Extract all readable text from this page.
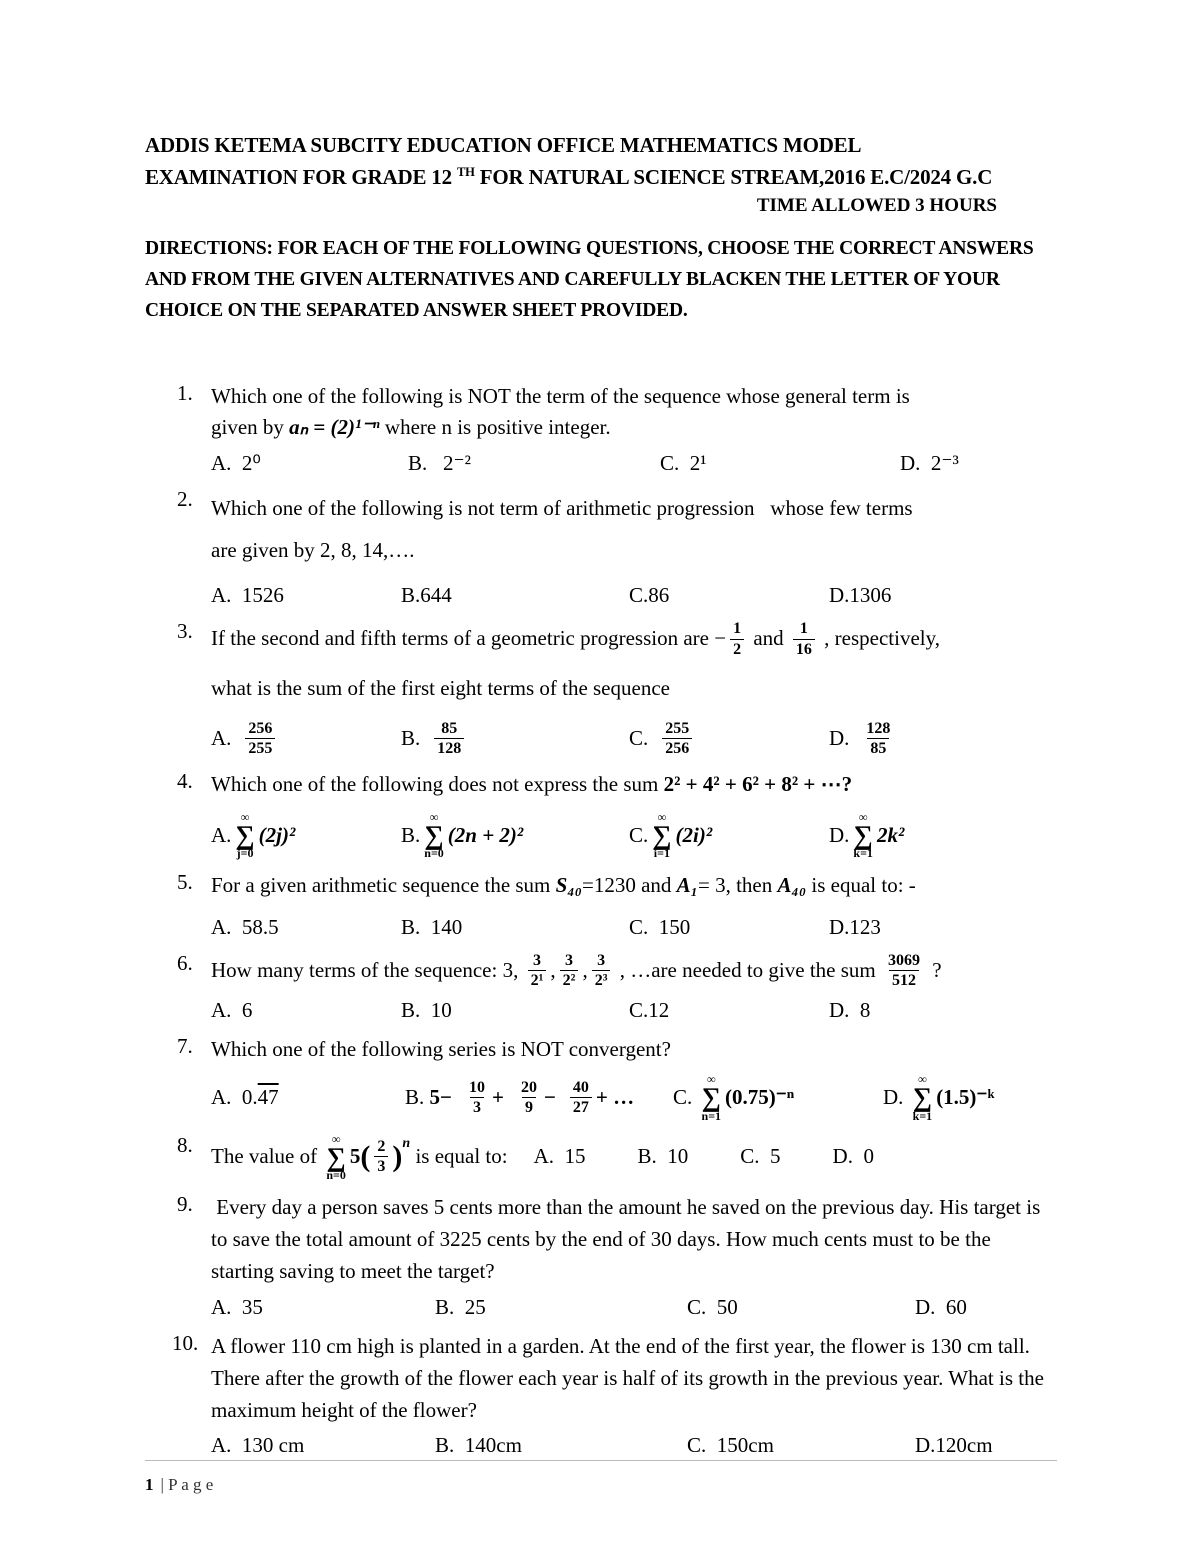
ADDIS KETEMA SUBCITY EDUCATION OFFICE MATHEMATICS MODEL
EXAMINATION FOR GRADE 12 $^{TH}$ FOR NATURAL SCIENCE STREAM,2016 E.C/2024 G.C
TIME ALLOWED 3 HOURS

DIRECTIONS: FOR EACH OF THE FOLLOWING QUESTIONS, CHOOSE THE CORRECT ANSWERS AND FROM THE GIVEN ALTERNATIVES AND CAREFULLY BLACKEN THE LETTER OF YOUR CHOICE ON THE SEPARATED ANSWER SHEET PROVIDED.

1. Which one of the following is NOT the term of the sequence whose general term is
given by aₙ = (2)¹⁻ⁿ where n is positive integer.
A.  2⁰	B.   2⁻²	C.  2¹	D.  2⁻³
2. Which one of the following is not term of arithmetic progression   whose few terms
are given by 2, 8, 14,….
A.  1526	B.644	C.86	D.1306
3. If the second and fifth terms of a geometric progression are − $\frac{1}{2}$ and $\frac{1}{16}$ , respectively,
what is the sum of the first eight terms of the sequence
A. $\frac{256}{255}$	B. $\frac{85}{128}$	C. $\frac{255}{256}$	D. $\frac{128}{85}$
4. Which one of the following does not express the sum 2² + 4² + 6² + 8² + ⋯?
A.
∞
∑
j=0
(2j)²	B.
∞
∑
n=0
(2n + 2)²	C.
∞
∑
i=1
(2i)²	D.
∞
∑
k=1
2k²
5. For a given arithmetic sequence the sum S₄₀=1230 and A₁= 3, then A₄₀ is equal to: -
A.  58.5	B.  140	C.  150	D.123
6. How many terms of the sequence: 3, $\frac{3}{\text{2¹}}$ , $\frac{3}{\text{2²}}$ , $\frac{3}{\text{2³}}$ , …are needed to give the sum $\frac{3069}{512}$ ?
A.  6	B.  10	C.12	D.  8
7. Which one of the following series is NOT convergent?
A. 0. 47	B. $5- \frac{10}{3} + \frac{20}{9} - \frac{40}{27}$ + … C.
∞
∑
n=1
(0.75)⁻ⁿ	D.
∞
∑
k=1
(1.5)⁻ᵏ
8. The value of
∞
∑
n=0
5 ( $\frac{2}{3}$ ) n
is equal to: A.  15 B.  10 C.  5 D.  0
9. Every day a person saves 5 cents more than the amount he saved on the previous day. His target is to save the total amount of 3225 cents by the end of 30 days. How much cents must to be the starting saving to meet the target?
A.  35	B.  25	C.  50	D.  60
10. A flower 110 cm high is planted in a garden. At the end of the first year, the flower is 130 cm tall. There after the growth of the flower each year is half of its growth in the previous year. What is the maximum height of the flower?
A.  130 cm	B.  140cm	C.  150cm	D.120cm
1 | P a g e
